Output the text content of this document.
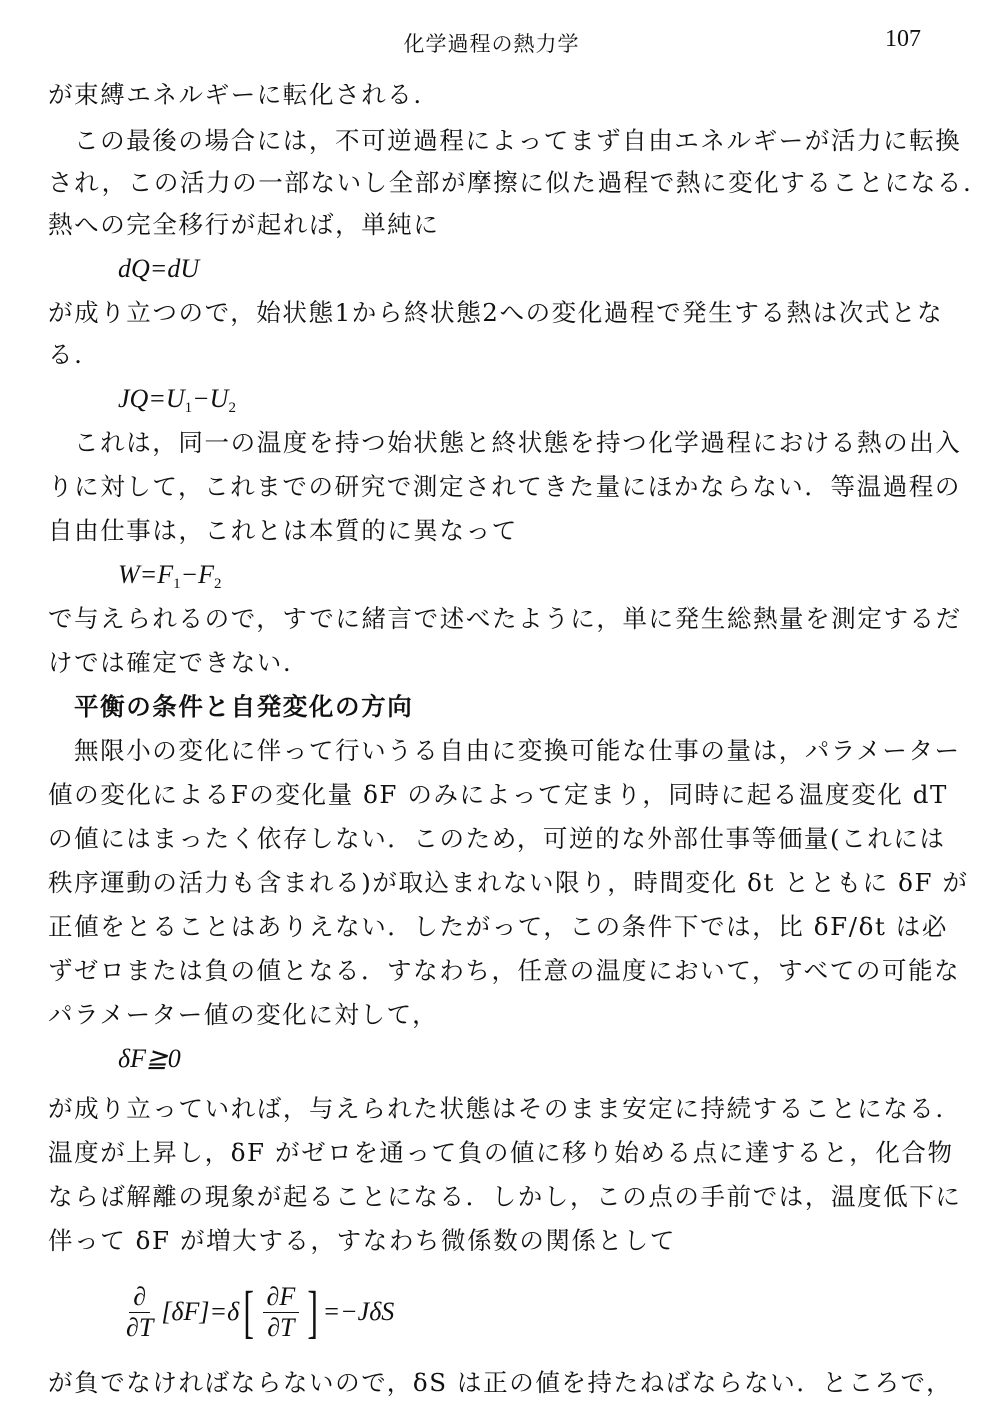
化学過程の熱力学	107
が束縛エネルギーに転化される.
この最後の場合には，不可逆過程によってまず自由エネルギーが活力に転換
され，この活力の一部ないし全部が摩擦に似た過程で熱に変化することになる.
熱への完全移行が起れば，単純に
dQ=dU
が成り立つので，始状態1から終状態2への変化過程で発生する熱は次式とな
る.
$JQ=U_1-U_2$
これは，同一の温度を持つ始状態と終状態を持つ化学過程における熱の出入
りに対して，これまでの研究で測定されてきた量にほかならない．等温過程の
自由仕事は，これとは本質的に異なって
$W=F_1-F_2$
で与えられるので，すでに緒言で述べたように，単に発生総熱量を測定するだ
けでは確定できない.
平衡の条件と自発変化の方向
無限小の変化に伴って行いうる自由に変換可能な仕事の量は，パラメーター
値の変化によるFの変化量 δF のみによって定まり，同時に起る温度変化 dT
の値にはまったく依存しない．このため，可逆的な外部仕事等価量(これには
秩序運動の活力も含まれる)が取込まれない限り，時間変化 δt とともに δF が
正値をとることはありえない．したがって，この条件下では，比 δF/δt は必
ずゼロまたは負の値となる．すなわち，任意の温度において，すべての可能な
パラメーター値の変化に対して，
δF≧0
が成り立っていれば，与えられた状態はそのまま安定に持続することになる.
温度が上昇し，δF がゼロを通って負の値に移り始める点に達すると，化合物
ならば解離の現象が起ることになる．しかし，この点の手前では，温度低下に
伴って δF が増大する，すなわち微係数の関係として
$\frac{\partial}{\partial T} [\delta F] =\delta$ [ $\frac{\partial F}{\partial T}$ ] =−JδS
が負でなければならないので，δS は正の値を持たねばならない．ところで，
